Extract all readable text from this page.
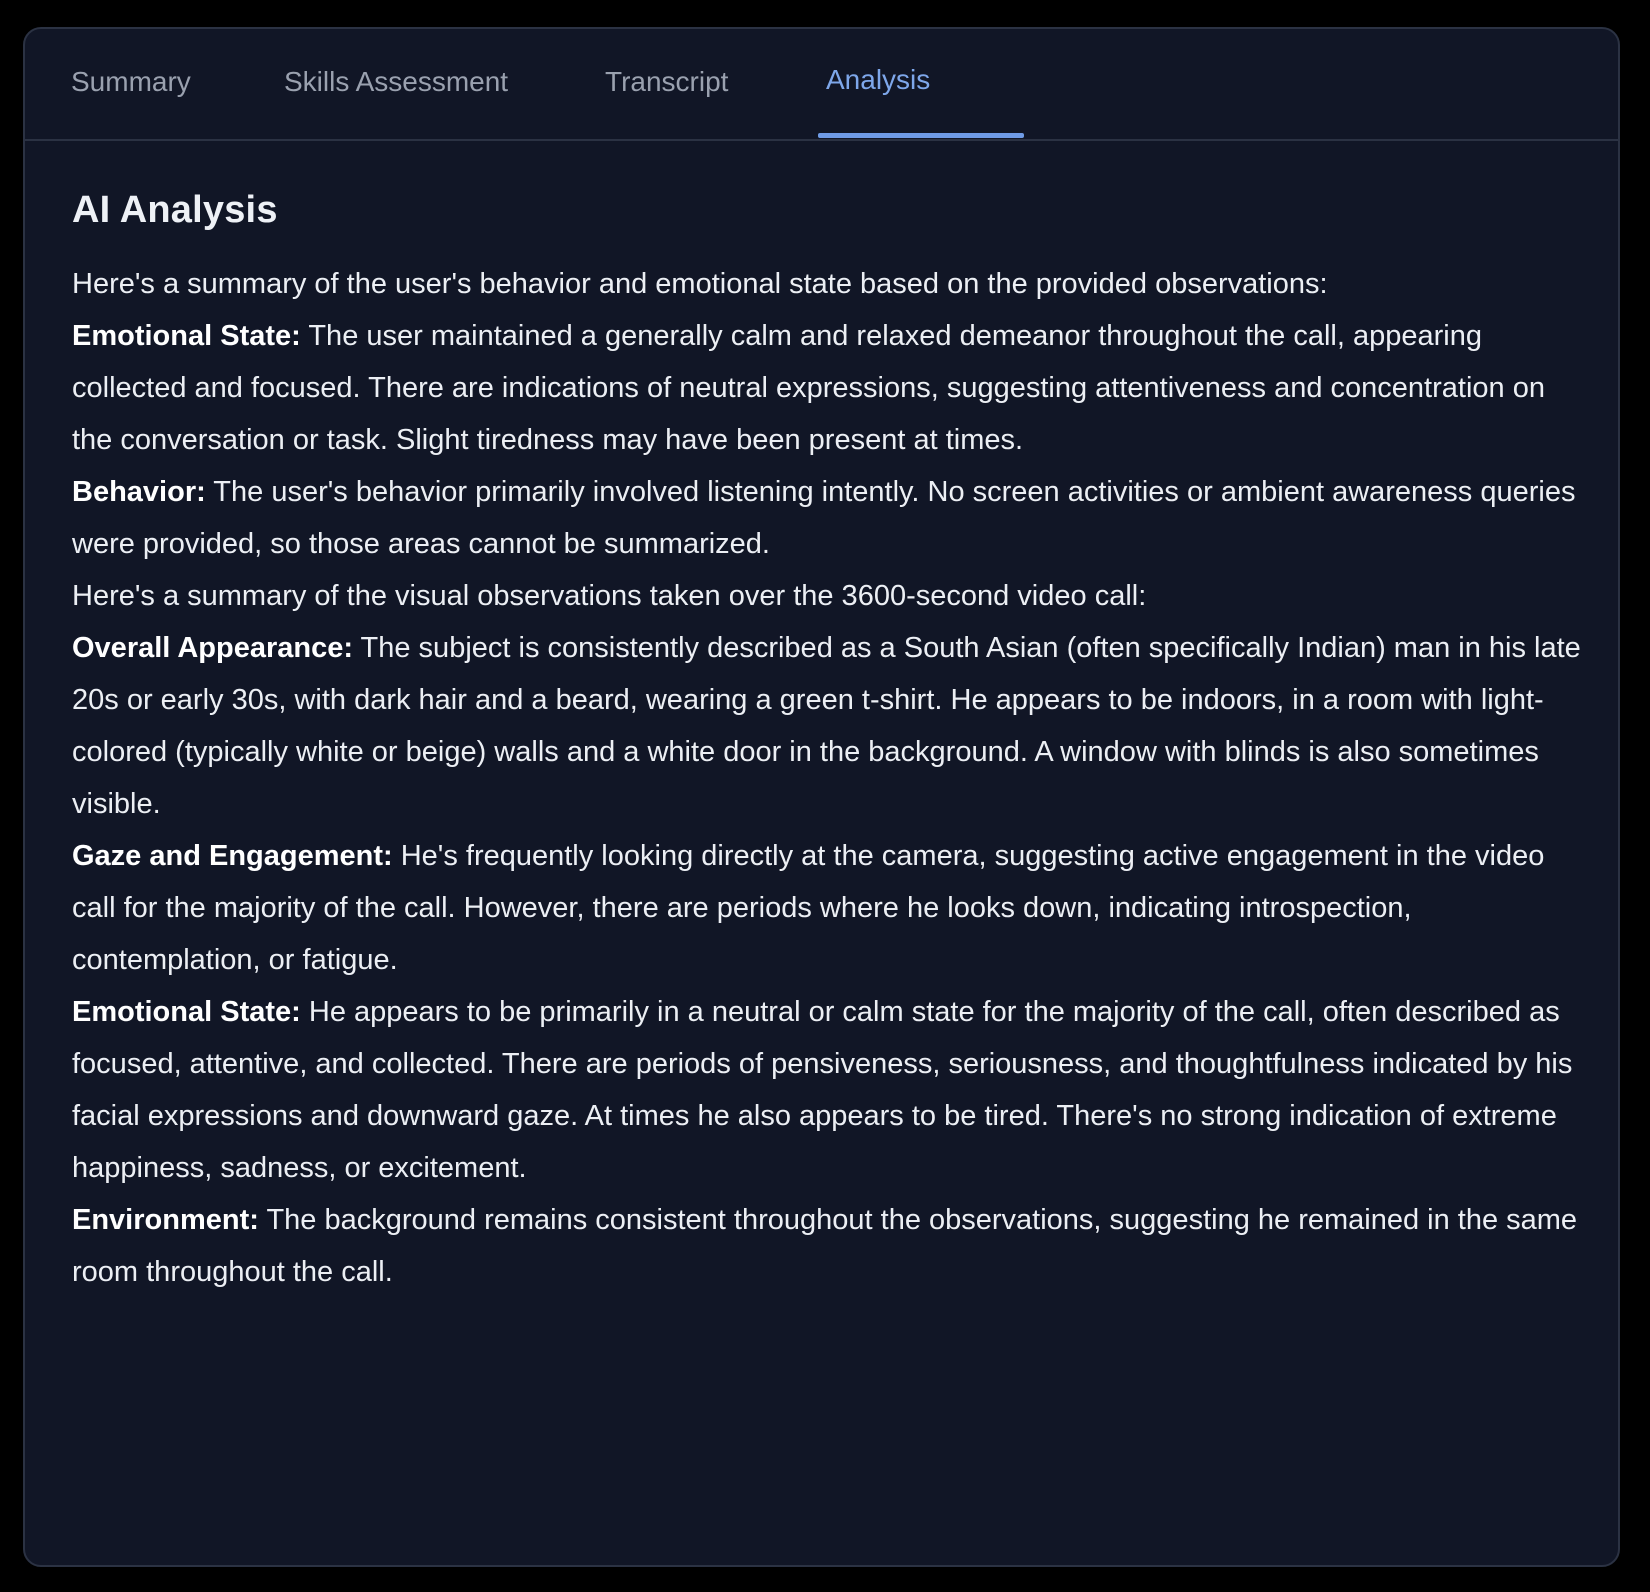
Summary	Skills Assessment	Transcript	Analysis
AI Analysis

Here's a summary of the user's behavior and emotional state based on the provided observations:

Emotional State: The user maintained a generally calm and relaxed demeanor throughout the call, appearing collected and focused. There are indications of neutral expressions, suggesting attentiveness and concentration on the conversation or task. Slight tiredness may have been present at times.

Behavior: The user's behavior primarily involved listening intently. No screen activities or ambient awareness queries were provided, so those areas cannot be summarized.

Here's a summary of the visual observations taken over the 3600-second video call:

Overall Appearance: The subject is consistently described as a South Asian (often specifically Indian) man in his late 20s or early 30s, with dark hair and a beard, wearing a green t-shirt. He appears to be indoors, in a room with light-colored (typically white or beige) walls and a white door in the background. A window with blinds is also sometimes visible.

Gaze and Engagement: He's frequently looking directly at the camera, suggesting active engagement in the video call for the majority of the call. However, there are periods where he looks down, indicating introspection, contemplation, or fatigue.

Emotional State: He appears to be primarily in a neutral or calm state for the majority of the call, often described as focused, attentive, and collected. There are periods of pensiveness, seriousness, and thoughtfulness indicated by his facial expressions and downward gaze. At times he also appears to be tired. There's no strong indication of extreme happiness, sadness, or excitement.

Environment: The background remains consistent throughout the observations, suggesting he remained in the same room throughout the call.
